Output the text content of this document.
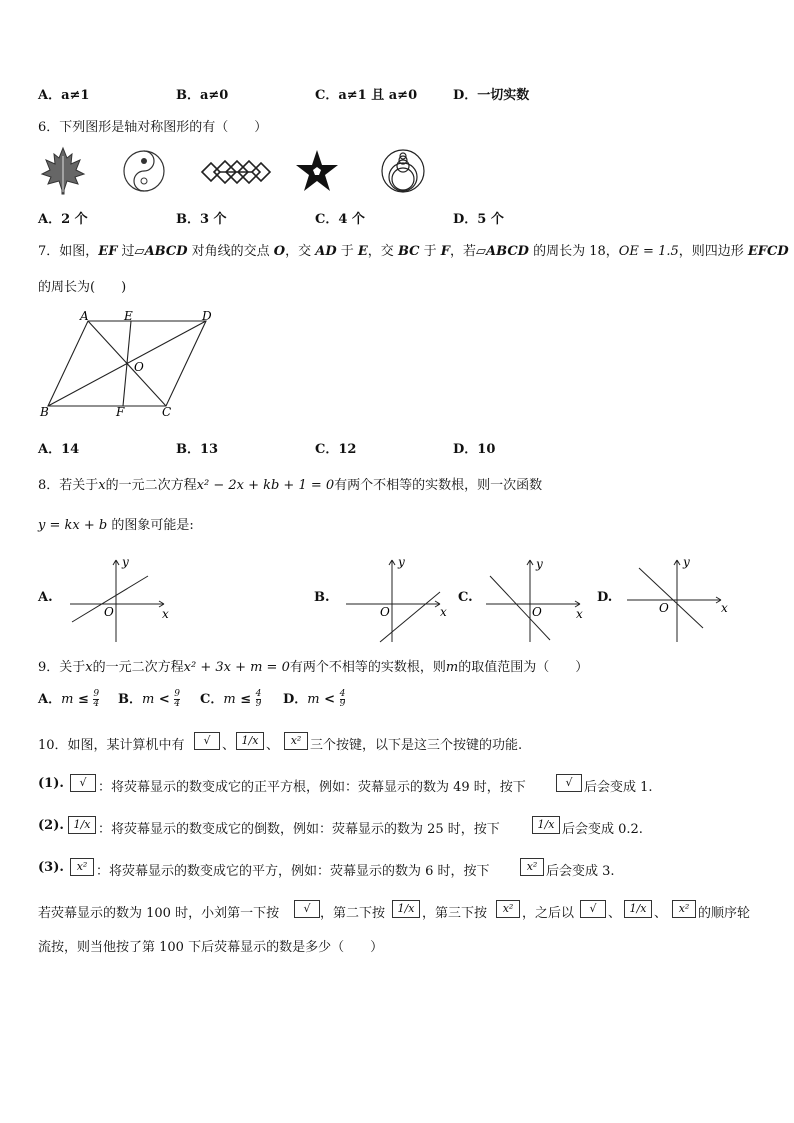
A．a≠1	B．a≠0	C．a≠1 且 a≠0	D．一切实数
6．下列图形是轴对称图形的有（　　）
A．2 个	B．3 个	C．4 个	D．5 个
7．如图，EF 过▱ABCD 对角线的交点 O，交 AD 于 E，交 BC 于 F，若▱ABCD 的周长为 18，OE = 1.5，则四边形 EFCD
的周长为(　　)
A	E	D
O
B	F	C
A．14	B．13	C．12	D．10
8．若关于x的一元二次方程x² − 2x + kb + 1 = 0有两个不相等的实数根，则一次函数
y = kx + b 的图象可能是:
A.
y
x
O
B.
y
x
O
C.
y
x
O
D.
y
x
O
9．关于x的一元二次方程x² + 3x + m = 0有两个不相等的实数根，则m的取值范围为（　　）
A．$m \le \frac{9}{4}$ B．$m < \frac{9}{4}$ C．$m \le \frac{4}{9}$ D．$m < \frac{4}{9}$
10．如图，某计算机中有	√ 、 1/x 、	x² 三个按键，以下是这三个按键的功能.
(1).	√ ：将荧幕显示的数变成它的正平方根，例如：荧幕显示的数为 49 时，按下	√ 后会变成 1.
(2). 1/x ：将荧幕显示的数变成它的倒数，例如：荧幕显示的数为 25 时，按下	1/x 后会变成 0.2.
(3).	x² ：将荧幕显示的数变成它的平方，例如：荧幕显示的数为 6 时，按下	x² 后会变成 3.
若荧幕显示的数为 100 时，小刘第一下按	√ ，第二下按	1/x ，第三下按	x² ，之后以	√ 、 1/x 、	x² 的顺序轮
流按，则当他按了第 100 下后荧幕显示的数是多少（　　）
